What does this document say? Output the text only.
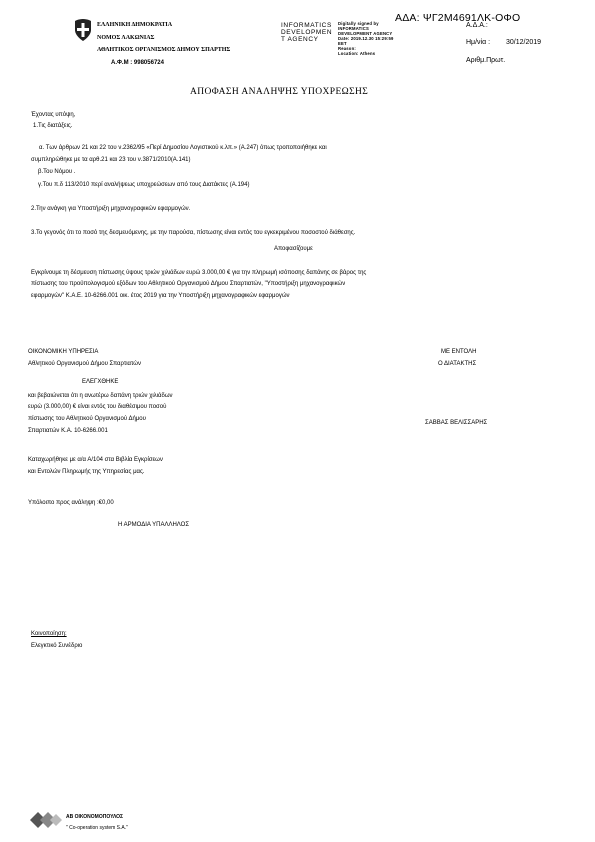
ΕΛΛΗΝΙΚΗ ΔΗΜΟΚΡΑΤΙΑ
ΝΟΜΟΣ ΛΑΚΩΝΙΑΣ
ΑΘΛΗΤΙΚΟΣ ΟΡΓΑΝΙΣΜΟΣ ΔΗΜΟΥ ΣΠΑΡΤΗΣ
Α.Φ.Μ : 998056724
INFORMATICS
DEVELOPMEN
T AGENCY
Digitally signed by
INFORMATICS
DEVELOPMENT AGENCY
Date: 2019.12.30 15:29:59
EET
Reason:
Location: Athens
ΑΔΑ: ΨΓ2Μ4691ΛΚ-ΟΦΟ
Α.Δ.Α.:
Ημ/νία : 30/12/2019
Αριθμ.Πρωτ.
ΑΠΟΦΑΣΗ ΑΝΑΛΗΨΗΣ ΥΠΟΧΡΕΩΣΗΣ
Έχοντας υπόψη,
1.Τις διατάξεις.
α. Των άρθρων 21 και 22 του ν.2362/95 «Περί Δημοσίου Λογιστικού κ.λπ.» (Α.247) όπως τροποποιήθηκε και
συμπληρώθηκε με τα αρθ.21 και 23 του ν.3871/2010(Α.141)
β.Του Νόμου .
γ.Του π.δ 113/2010 περί αναλήψεως υποχρεώσεων από τους Διατάκτες (Α.194)
2.Την ανάγκη για Υποστήριξη μηχανογραφικών εφαρμογών.
3.Το γεγονός ότι το ποσό της δεσμευόμενης, με την παρούσα, πίστωσης είναι εντός του εγκεκριμένου ποσοστού διάθεσης.
Αποφασίζουμε
Εγκρίνουμε τη δέσμευση πίστωσης ύψους τριών χιλιάδων ευρώ 3.000,00 € για την πληρωμή ισόποσης δαπάνης σε βάρος της
πίστωσης του προϋπολογισμού εξόδων του Αθλητικού Οργανισμού Δήμου Σπαρτιατών, "Υποστήριξη μηχανογραφικών
εφαρμογών" Κ.Α.Ε. 10-6266.001 οικ. έτος 2019 για την Υποστήριξη μηχανογραφικών εφαρμογών
ΟΙΚΟΝΟΜΙΚΗ ΥΠΗΡΕΣΙΑ
Αθλητικού Οργανισμού Δήμου Σπαρτιατών
ΕΛΕΓΧΘΗΚΕ
και βεβαιώνεται ότι η ανωτέρω δαπάνη τριών χιλιάδων
ευρώ (3.000,00) € είναι εντός του διαθέσιμου ποσού
πίστωσης του Αθλητικού Οργανισμού Δήμου
Σπαρτιατών Κ.Α. 10-6266.001
Καταχωρήθηκε με α/α Α/104 στα Βιβλία Εγκρίσεων
και Εντολών Πληρωμής της Υπηρεσίας μας.
Υπόλοιπο προς ανάληψη :€0,00
Η ΑΡΜΟΔΙΑ ΥΠΑΛΛΗΛΟΣ
ΜΕ ΕΝΤΟΛΗ
Ο ΔΙΑΤΑΚΤΗΣ
ΣΑΒΒΑΣ ΒΕΛΙΣΣΑΡΗΣ
Κοινοποίηση:
Ελεγκτικό Συνέδριο
ΑΒ ΟΙΚΟΝΟΜΟΠΟΥΛΟΣ
" Co-operation system S.A."
